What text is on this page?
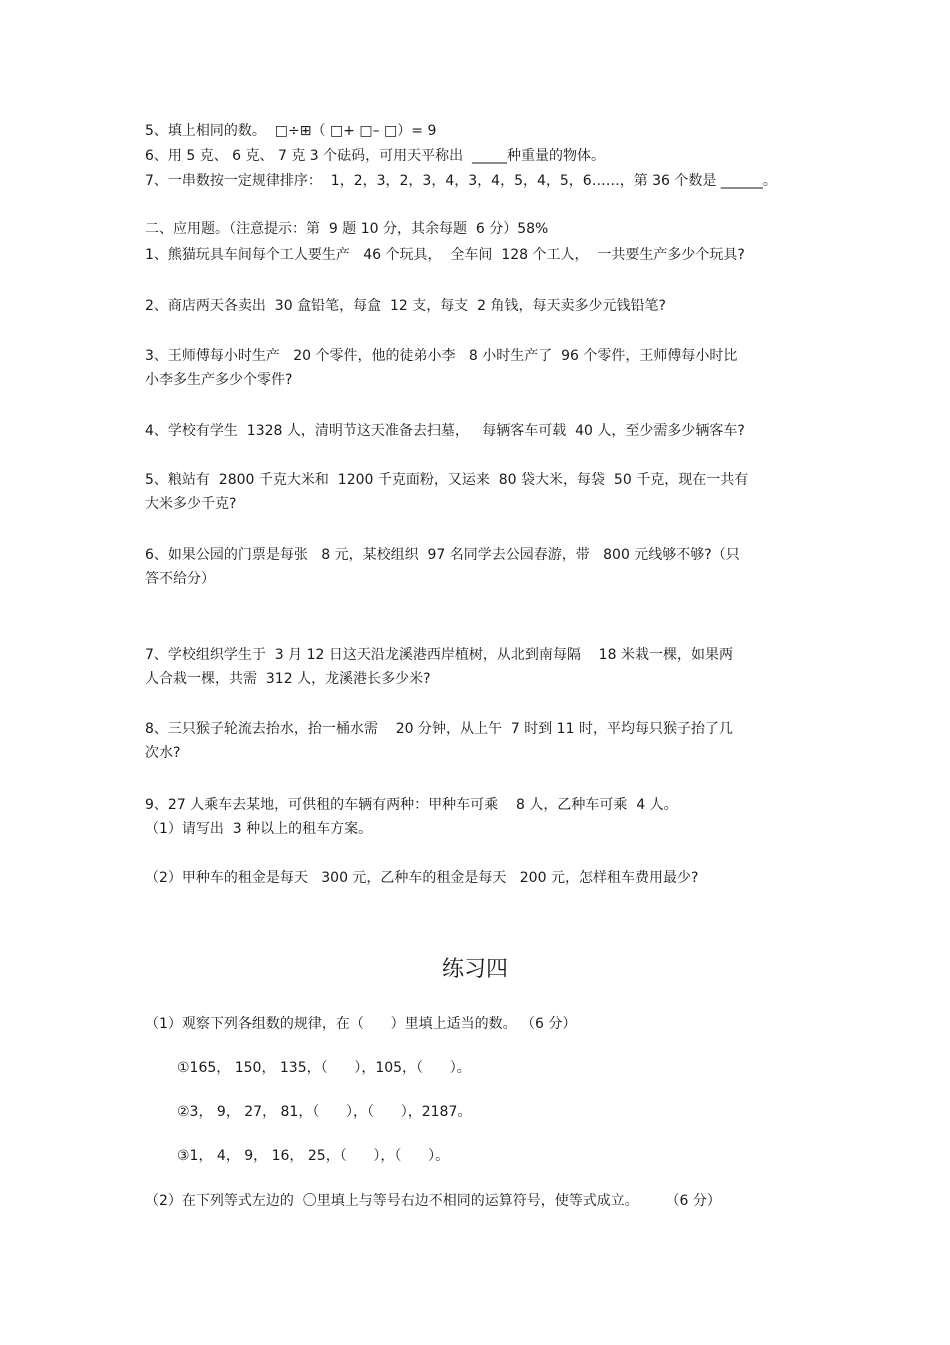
5、填上相同的数。  □÷⊞（ □+ □– □）= 9
6、用 5 克、 6 克、 7 克 3 个砝码，可用天平称出  _____种重量的物体。
7、一串数按一定规律排序：  1，2，3，2，3，4，3，4，5，4，5，6……，第 36 个数是 ______。
二、应用题。（注意提示：第  9 题 10 分，其余每题  6 分）58%
1、熊猫玩具车间每个工人要生产   46 个玩具，  全车间  128 个工人，  一共要生产多少个玩具?
2、商店两天各卖出  30 盒铅笔，每盒  12 支，每支  2 角钱，每天卖多少元钱铅笔?
3、王师傅每小时生产   20 个零件，他的徒弟小李   8 小时生产了  96 个零件，王师傅每小时比
小李多生产多少个零件?
4、学校有学生  1328 人，清明节这天准备去扫墓，   每辆客车可载  40 人，至少需多少辆客车?
5、粮站有  2800 千克大米和  1200 千克面粉，又运来  80 袋大米，每袋  50 千克，现在一共有
大米多少千克?
6、如果公园的门票是每张   8 元，某校组织  97 名同学去公园春游，带   800 元线够不够?（只
答不给分）
7、学校组织学生于  3 月 12 日这天沿龙溪港西岸植树，从北到南每隔    18 米栽一棵，如果两
人合栽一棵，共需  312 人，龙溪港长多少米?
8、三只猴子轮流去抬水，抬一桶水需    20 分钟，从上午  7 时到 11 时，平均每只猴子抬了几
次水?
9、27 人乘车去某地，可供租的车辆有两种：甲种车可乘    8 人，乙种车可乘  4 人。
（1）请写出  3 种以上的租车方案。
（2）甲种车的租金是每天   300 元，乙种车的租金是每天   200 元，怎样租车费用最少?
练习四
（1）观察下列各组数的规律，在（      ）里填上适当的数。 （6 分）
①165， 150， 135，（      ），105，（      ）。
②3， 9， 27， 81，（      ），（      ），2187。
③1， 4， 9， 16， 25，（      ），（      ）。
（2）在下列等式左边的  〇里填上与等号右边不相同的运算符号，使等式成立。      （6 分）
